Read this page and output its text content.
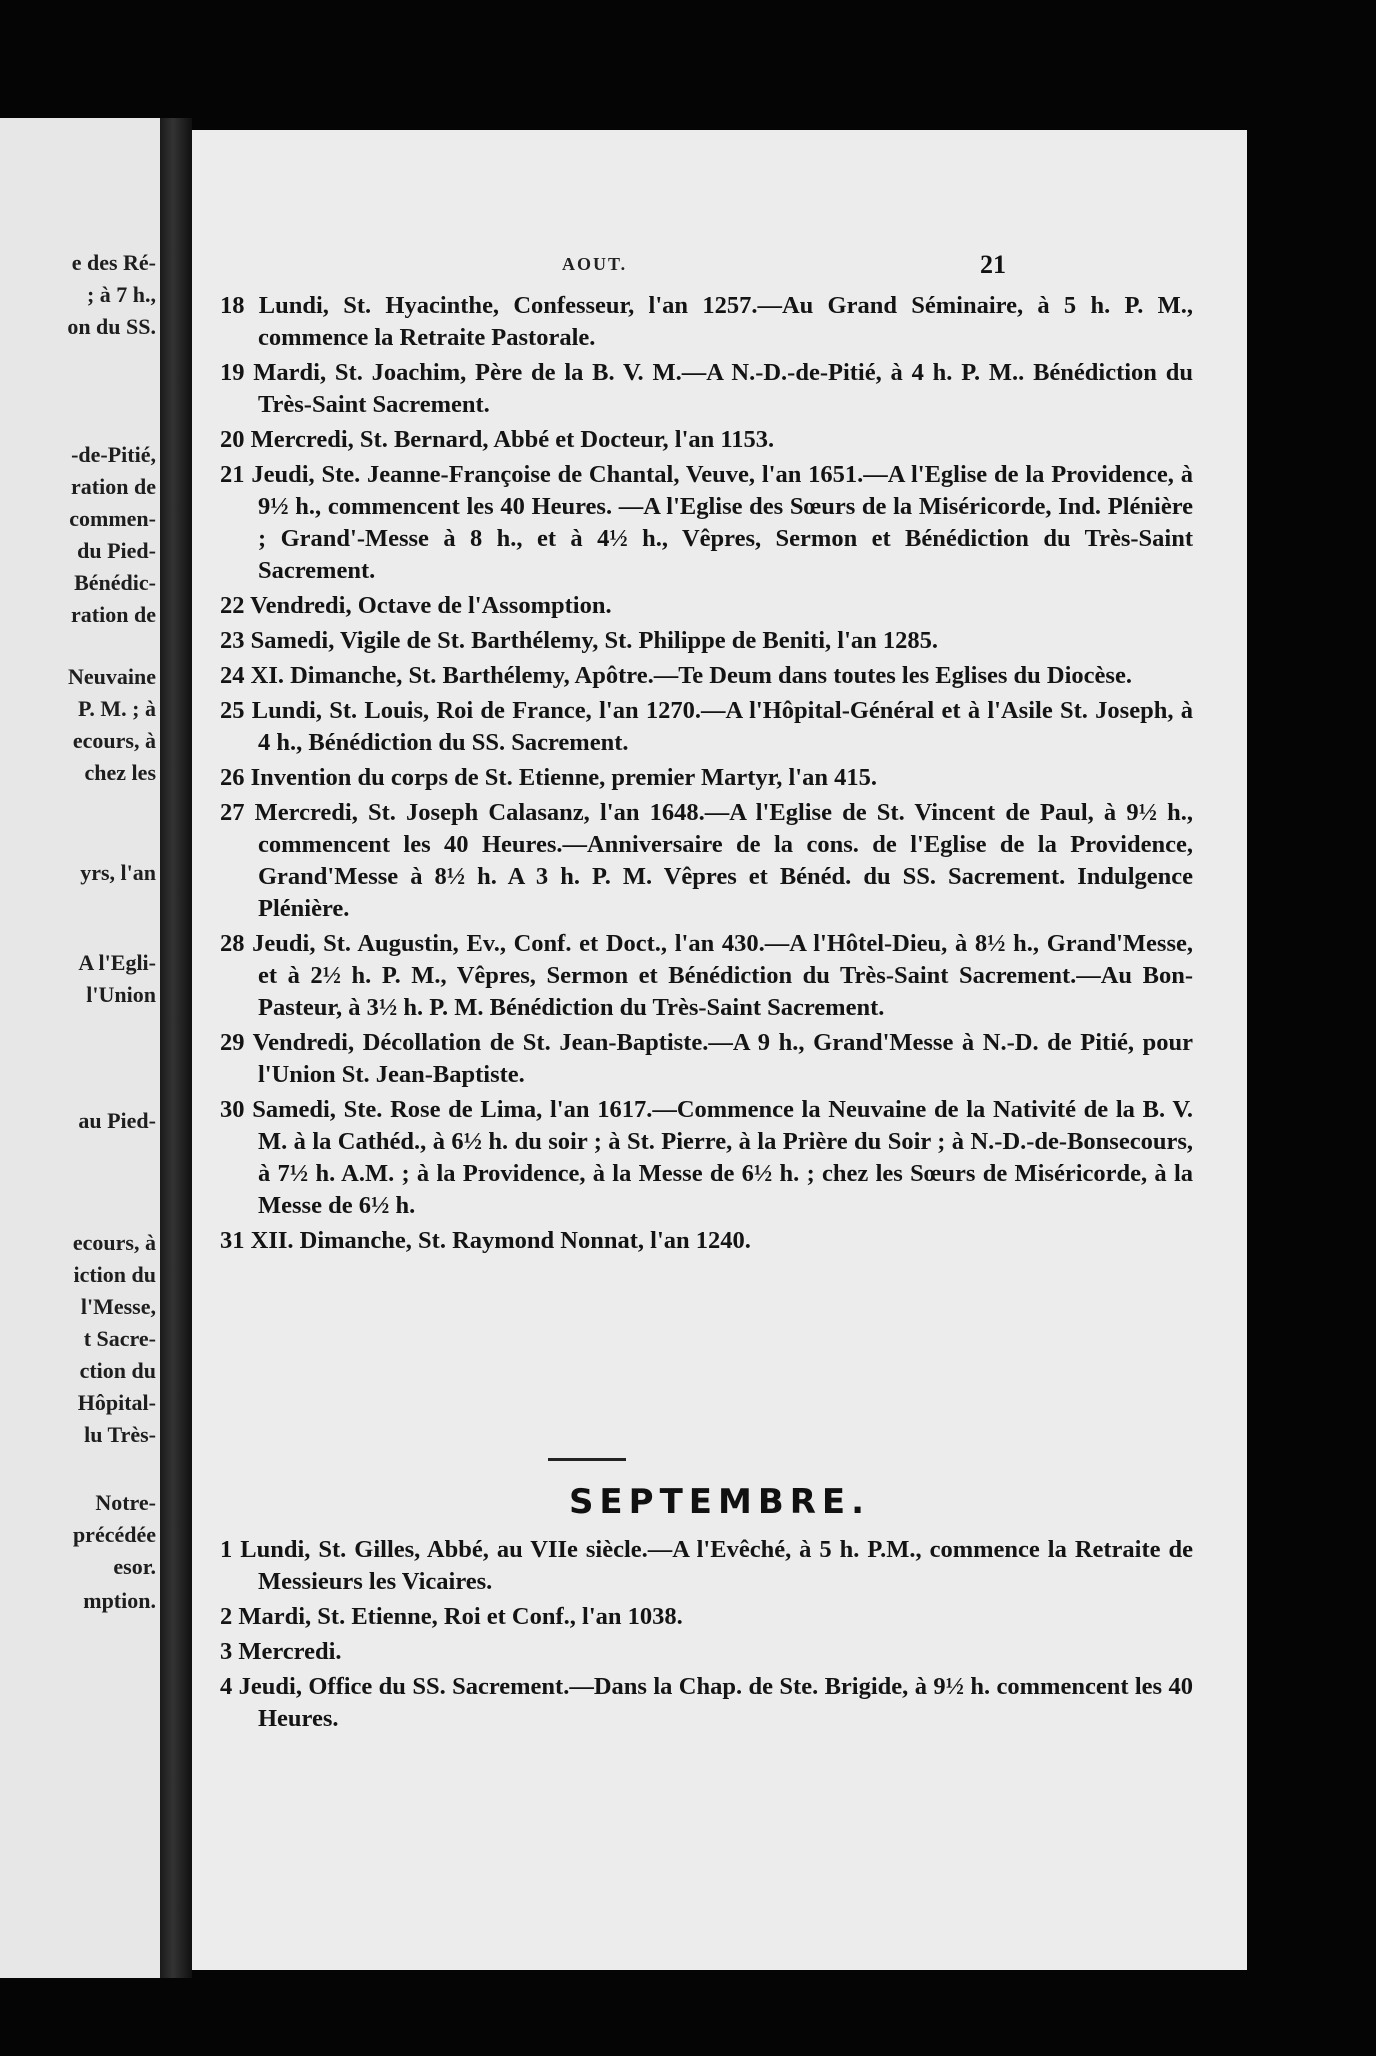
e des Ré-
; à 7 h.,
on du SS.
-de-Pitié,
ration de
commen-
du Pied-
Bénédic-
ration de
Neuvaine
P. M. ; à
ecours, à
chez les
yrs, l'an
A l'Egli-
l'Union
au Pied-
ecours, à
iction du
l'Messe,
t Sacre-
ction du
Hôpital-
lu Très-
Notre-
précédée
esor.
mption.
AOUT.	21

18 Lundi, St. Hyacinthe, Confesseur, l'an 1257.—Au Grand Séminaire, à 5 h. P. M., commence la Retraite Pastorale.

19 Mardi, St. Joachim, Père de la B. V. M.—A N.-D.-de-Pitié, à 4 h. P. M.. Bénédiction du Très-Saint Sacrement.

20 Mercredi, St. Bernard, Abbé et Docteur, l'an 1153.

21 Jeudi, Ste. Jeanne-Françoise de Chantal, Veuve, l'an 1651.—A l'Eglise de la Providence, à 9½ h., commencent les 40 Heures. —A l'Eglise des Sœurs de la Miséricorde, Ind. Plénière ; Grand'-Messe à 8 h., et à 4½ h., Vêpres, Sermon et Bénédiction du Très-Saint Sacrement.

22 Vendredi, Octave de l'Assomption.

23 Samedi, Vigile de St. Barthélemy, St. Philippe de Beniti, l'an 1285.

24 XI. Dimanche, St. Barthélemy, Apôtre.—Te Deum dans toutes les Eglises du Diocèse.

25 Lundi, St. Louis, Roi de France, l'an 1270.—A l'Hôpital-Général et à l'Asile St. Joseph, à 4 h., Bénédiction du SS. Sacrement.

26 Invention du corps de St. Etienne, premier Martyr, l'an 415.

27 Mercredi, St. Joseph Calasanz, l'an 1648.—A l'Eglise de St. Vincent de Paul, à 9½ h., commencent les 40 Heures.—Anniversaire de la cons. de l'Eglise de la Providence, Grand'Messe à 8½ h. A 3 h. P. M. Vêpres et Bénéd. du SS. Sacrement. Indulgence Plénière.

28 Jeudi, St. Augustin, Ev., Conf. et Doct., l'an 430.—A l'Hôtel-Dieu, à 8½ h., Grand'Messe, et à 2½ h. P. M., Vêpres, Sermon et Bénédiction du Très-Saint Sacrement.—Au Bon-Pasteur, à 3½ h. P. M. Bénédiction du Très-Saint Sacrement.

29 Vendredi, Décollation de St. Jean-Baptiste.—A 9 h., Grand'Messe à N.-D. de Pitié, pour l'Union St. Jean-Baptiste.

30 Samedi, Ste. Rose de Lima, l'an 1617.—Commence la Neuvaine de la Nativité de la B. V. M. à la Cathéd., à 6½ h. du soir ; à St. Pierre, à la Prière du Soir ; à N.-D.-de-Bonsecours, à 7½ h. A.M. ; à la Providence, à la Messe de 6½ h. ; chez les Sœurs de Miséricorde, à la Messe de 6½ h.

31 XII. Dimanche, St. Raymond Nonnat, l'an 1240.

SEPTEMBRE.

1 Lundi, St. Gilles, Abbé, au VIIe siècle.—A l'Evêché, à 5 h. P.M., commence la Retraite de Messieurs les Vicaires.

2 Mardi, St. Etienne, Roi et Conf., l'an 1038.

3 Mercredi.

4 Jeudi, Office du SS. Sacrement.—Dans la Chap. de Ste. Brigide, à 9½ h. commencent les 40 Heures.
